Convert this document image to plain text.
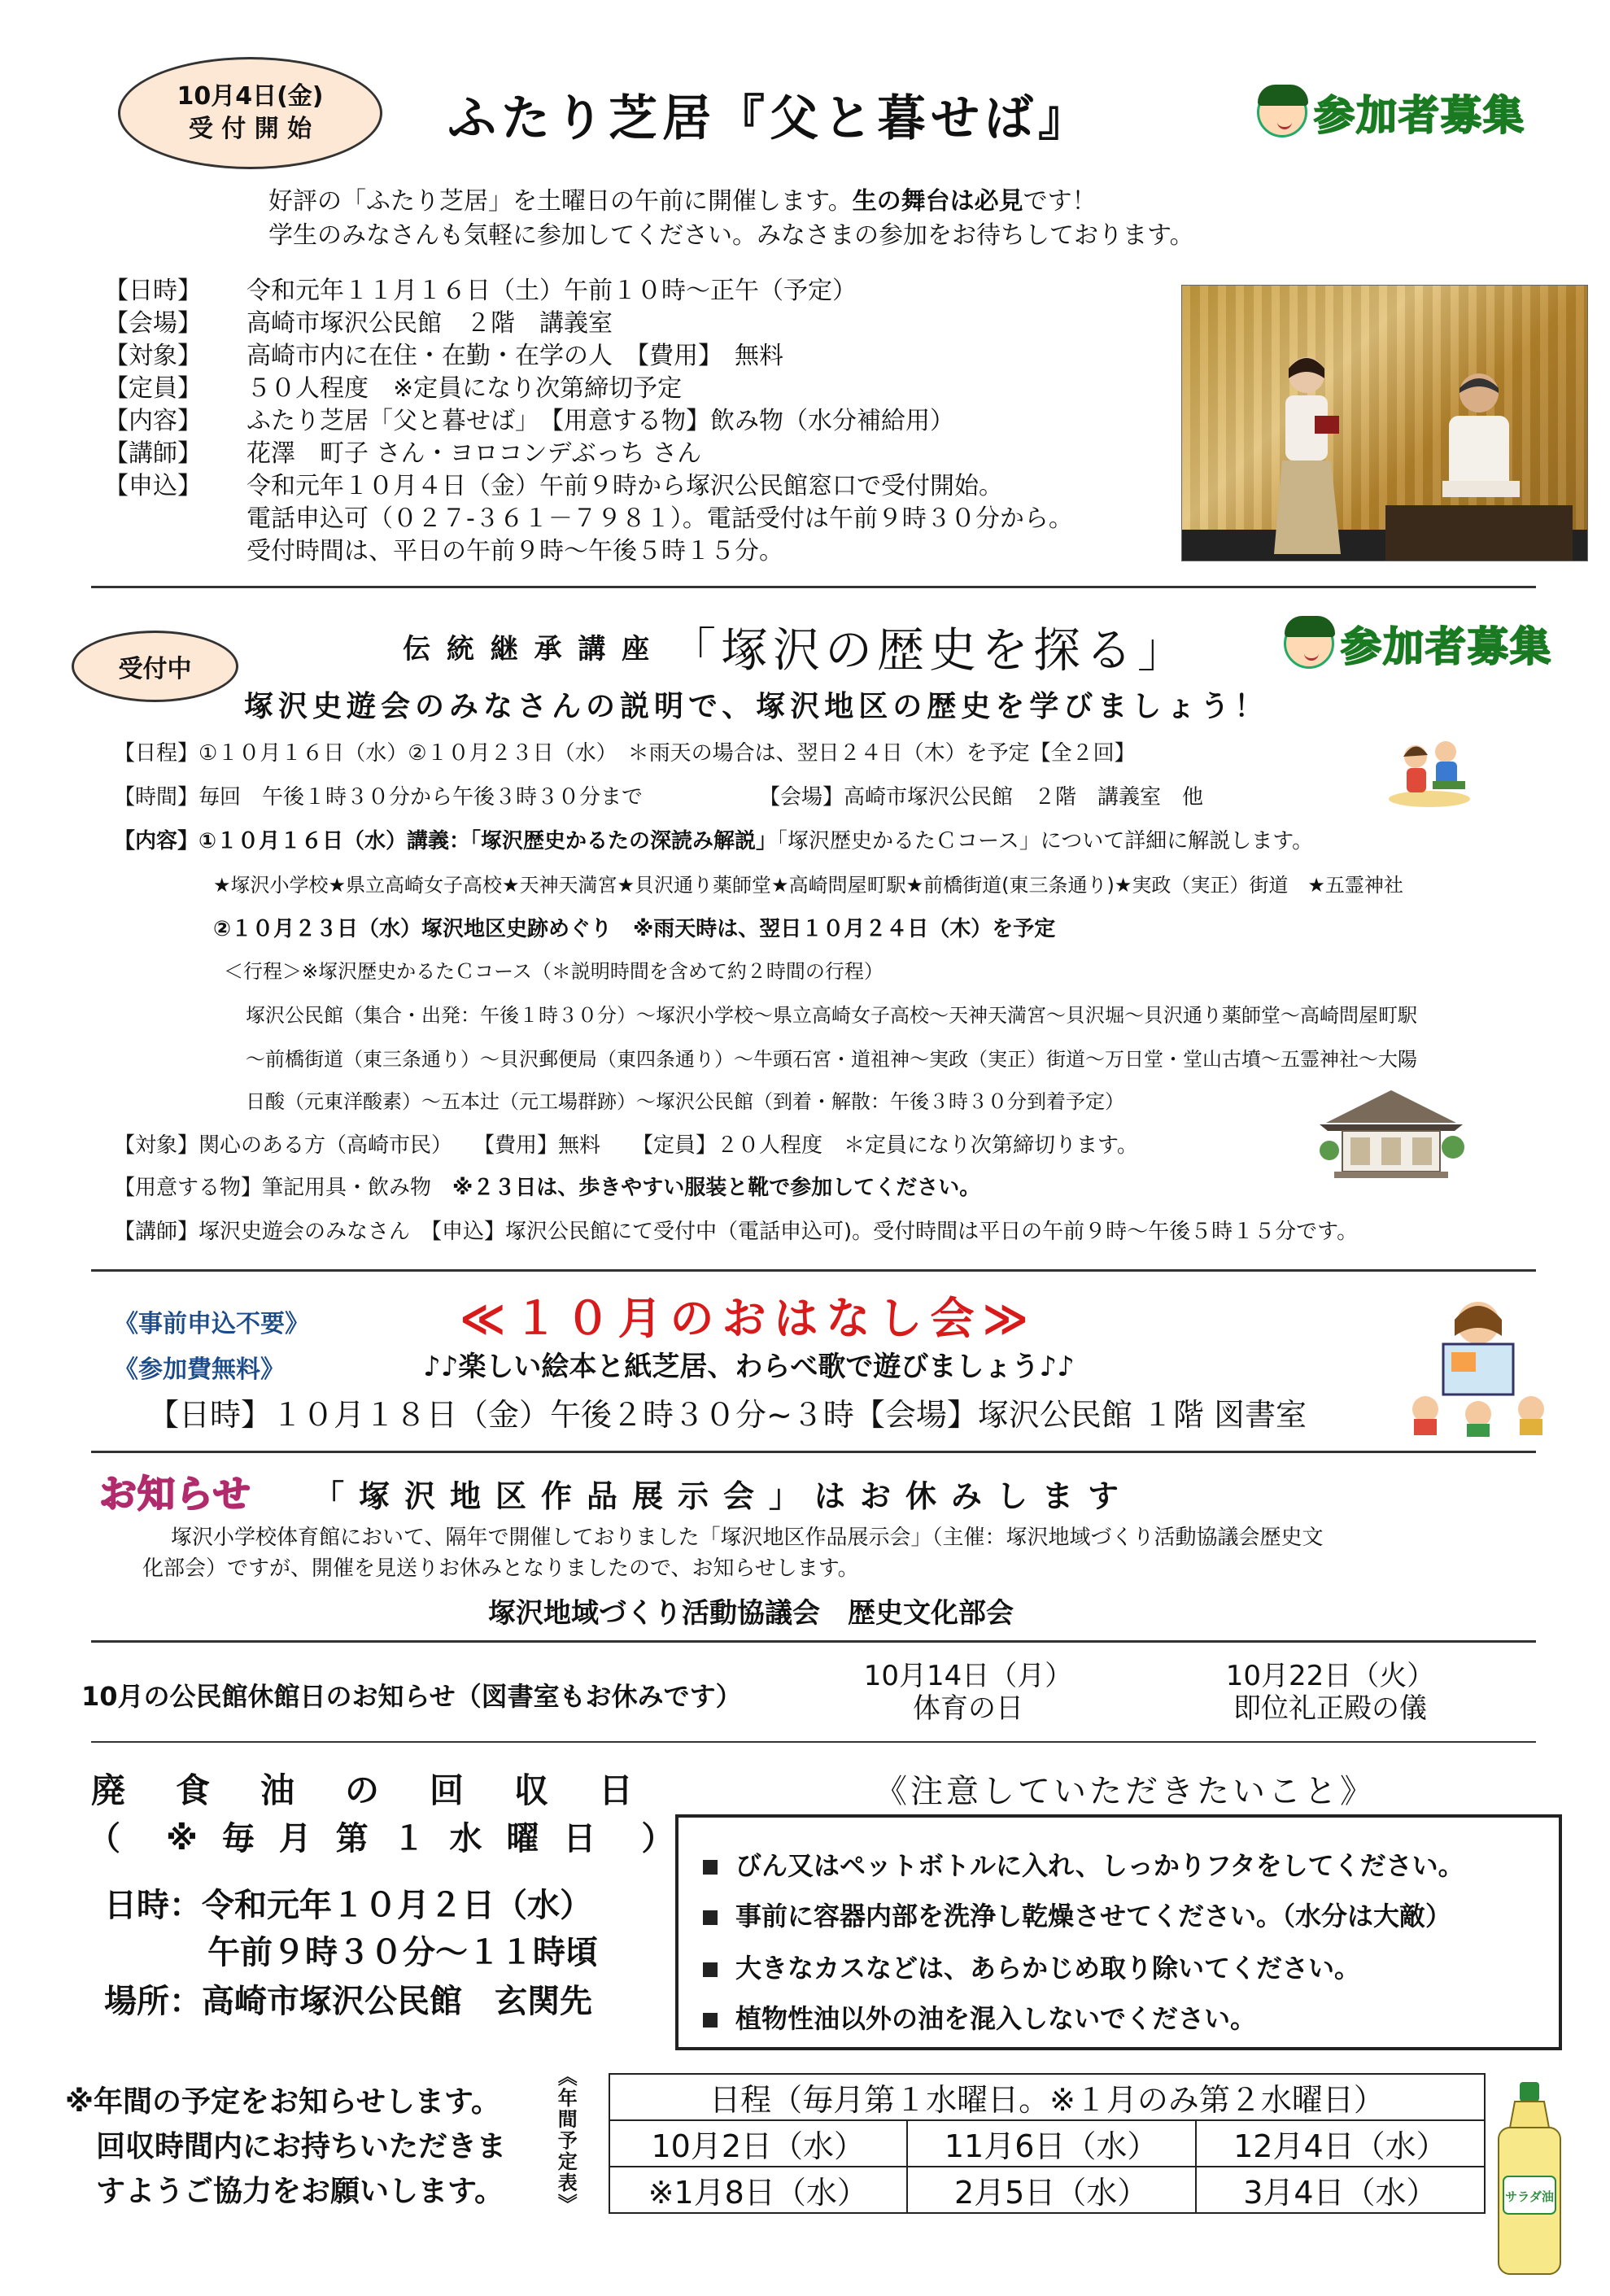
10月4日(金)
受 付 開 始	ふたり芝居『父と暮せば』	参加者募集
好評の「ふたり芝居」を土曜日の午前に開催します。生の舞台は必見です！
学生のみなさんも気軽に参加してください。みなさまの参加をお待ちしております。
【日時】	令和元年１１月１６日（土）午前１０時～正午（予定）
【会場】	高崎市塚沢公民館　２階　講義室
【対象】	高崎市内に在住・在勤・在学の人　【費用】　無料
【定員】	５０人程度　※定員になり次第締切予定
【内容】	ふたり芝居「父と暮せば」　【用意する物】飲み物（水分補給用）
【講師】	花澤　町子 さん・ヨロコンデぶっち さん
【申込】	令和元年１０月４日（金）午前９時から塚沢公民館窓口で受付開始。
電話申込可（０２７-３６１－７９８１）。電話受付は午前９時３０分から。
受付時間は、平日の午前９時～午後５時１５分。
受付中
伝 統 継 承 講 座 「塚沢の歴史を探る」	参加者募集
塚沢史遊会のみなさんの説明で、塚沢地区の歴史を学びましょう！
【日程】①１０月１６日（水）②１０月２３日（水）　＊雨天の場合は、翌日２４日（木）を予定【全２回】
【時間】毎回　午後１時３０分から午後３時３０分まで　　　　　　【会場】高崎市塚沢公民館　２階　講義室　他
【内容】①１０月１６日（水）講義：「塚沢歴史かるたの深読み解説」「塚沢歴史かるたＣコース」について詳細に解説します。
★塚沢小学校★県立高崎女子高校★天神天満宮★貝沢通り薬師堂★高崎問屋町駅★前橋街道(東三条通り)★実政（実正）街道　★五霊神社
②１０月２３日（水）塚沢地区史跡めぐり　※雨天時は、翌日１０月２４日（木）を予定
＜行程＞※塚沢歴史かるたＣコース（＊説明時間を含めて約２時間の行程）
塚沢公民館（集合・出発：午後１時３０分）～塚沢小学校～県立高崎女子高校～天神天満宮～貝沢堀～貝沢通り薬師堂～高崎問屋町駅
～前橋街道（東三条通り）～貝沢郵便局（東四条通り）～牛頭石宮・道祖神～実政（実正）街道～万日堂・堂山古墳～五霊神社～大陽
日酸（元東洋酸素）～五本辻（元工場群跡）～塚沢公民館（到着・解散：午後３時３０分到着予定）
【対象】関心のある方（高崎市民）　　【費用】無料　　【定員】２０人程度　＊定員になり次第締切ります。
【用意する物】筆記用具・飲み物　 ※２３日は、歩きやすい服装と靴で参加してください。
【講師】塚沢史遊会のみなさん　【申込】塚沢公民館にて受付中（電話申込可)。受付時間は平日の午前９時～午後５時１５分です。
《事前申込不要》
《参加費無料》
≪１０月のおはなし会≫
♪♪楽しい絵本と紙芝居、わらべ歌で遊びましょう♪♪
【日時】１０月１８日（金）午後２時３０分~３時【会場】塚沢公民館 １階 図書室
お知らせ 「塚沢地区作品展示会」はお休みします
塚沢小学校体育館において、隔年で開催しておりました「塚沢地区作品展示会」（主催：塚沢地域づくり活動協議会歴史文
化部会）ですが、開催を見送りお休みとなりましたので、お知らせします。
塚沢地域づくり活動協議会　歴史文化部会
10月の公民館休館日のお知らせ（図書室もお休みです）
10月14日（月）
体育の日
10月22日（火）
即位礼正殿の儀
廃　食　油　の　回　収　日
（　※ 毎 月 第 １ 水 曜 日　）
日時：令和元年１０月２日（水）
午前９時３０分～１１時頃
場所：高崎市塚沢公民館　玄関先
《注意していただきたいこと》
びん又はペットボトルに入れ、しっかりフタをしてください。
事前に容器内部を洗浄し乾燥させてください。（水分は大敵）
大きなカスなどは、あらかじめ取り除いてください。
植物性油以外の油を混入しないでください。
※年間の予定をお知らせします。
回収時間内にお持ちいただきま
すようご協力をお願いします。	《年間予定表》	日程（毎月第１水曜日。※１月のみ第２水曜日）		
10月2日（水）	11月6日（水）	12月4日（水）
※1月8日（水）	2月5日（水）	3月4日（水）	サラダ油
